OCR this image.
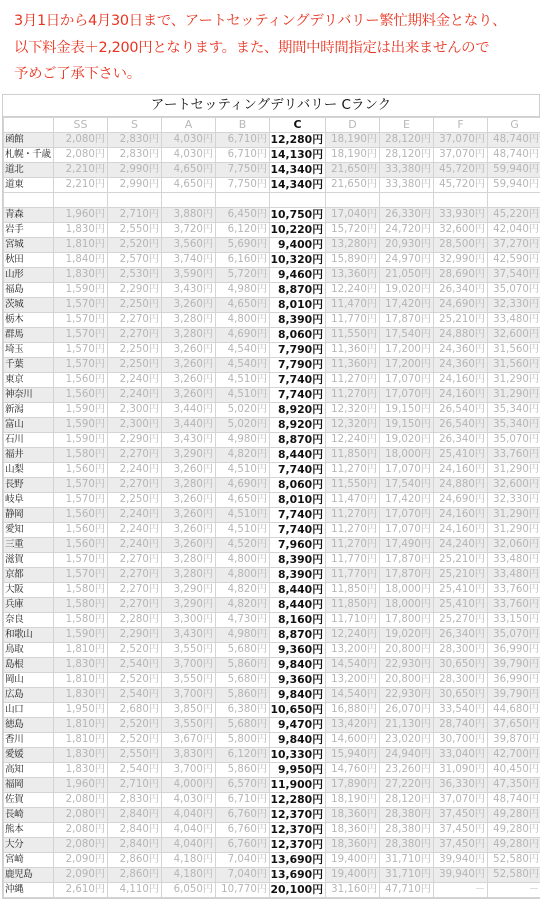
3月1日から4月30日まで、アートセッティングデリバリー繁忙期料金となり、
以下料金表＋2,200円となります。また、期間中時間指定は出来ませんので
予めご了承下さい。
アートセッティングデリバリー Cランク
	SS	S	A	B	C	D	E	F	G
函館	2,080円	2,830円	4,030円	6,710円	12,280円	18,190円	28,120円	37,070円	48,740円
札幌・千歳	2,080円	2,830円	4,030円	6,710円	14,130円	18,190円	28,120円	37,070円	48,740円
道北	2,210円	2,990円	4,650円	7,750円	14,340円	21,650円	33,380円	45,720円	59,940円
道東	2,210円	2,990円	4,650円	7,750円	14,340円	21,650円	33,380円	45,720円	59,940円

青森	1,960円	2,710円	3,880円	6,450円	10,750円	17,040円	26,330円	33,930円	45,220円
岩手	1,830円	2,550円	3,720円	6,120円	10,220円	15,720円	24,720円	32,600円	42,040円
宮城	1,810円	2,520円	3,560円	5,690円	9,400円	13,280円	20,930円	28,500円	37,270円
秋田	1,840円	2,570円	3,740円	6,160円	10,320円	15,890円	24,970円	32,990円	42,590円
山形	1,830円	2,530円	3,590円	5,720円	9,460円	13,360円	21,050円	28,690円	37,540円
福島	1,590円	2,290円	3,430円	4,980円	8,870円	12,240円	19,020円	26,340円	35,070円
茨城	1,570円	2,250円	3,260円	4,650円	8,010円	11,470円	17,420円	24,690円	32,330円
栃木	1,570円	2,270円	3,280円	4,800円	8,390円	11,770円	17,870円	25,210円	33,480円
群馬	1,570円	2,270円	3,280円	4,690円	8,060円	11,550円	17,540円	24,880円	32,600円
埼玉	1,570円	2,250円	3,260円	4,540円	7,790円	11,360円	17,200円	24,360円	31,560円
千葉	1,570円	2,250円	3,260円	4,540円	7,790円	11,360円	17,200円	24,360円	31,560円
東京	1,560円	2,240円	3,260円	4,510円	7,740円	11,270円	17,070円	24,160円	31,290円
神奈川	1,560円	2,240円	3,260円	4,510円	7,740円	11,270円	17,070円	24,160円	31,290円
新潟	1,590円	2,300円	3,440円	5,020円	8,920円	12,320円	19,150円	26,540円	35,340円
富山	1,590円	2,300円	3,440円	5,020円	8,920円	12,320円	19,150円	26,540円	35,340円
石川	1,590円	2,290円	3,430円	4,980円	8,870円	12,240円	19,020円	26,340円	35,070円
福井	1,580円	2,270円	3,290円	4,820円	8,440円	11,850円	18,000円	25,410円	33,760円
山梨	1,560円	2,240円	3,260円	4,510円	7,740円	11,270円	17,070円	24,160円	31,290円
長野	1,570円	2,270円	3,280円	4,690円	8,060円	11,550円	17,540円	24,880円	32,600円
岐阜	1,570円	2,250円	3,260円	4,650円	8,010円	11,470円	17,420円	24,690円	32,330円
静岡	1,560円	2,240円	3,260円	4,510円	7,740円	11,270円	17,070円	24,160円	31,290円
愛知	1,560円	2,240円	3,260円	4,510円	7,740円	11,270円	17,070円	24,160円	31,290円
三重	1,560円	2,240円	3,260円	4,520円	7,960円	11,270円	17,490円	24,240円	32,060円
滋賀	1,570円	2,270円	3,280円	4,800円	8,390円	11,770円	17,870円	25,210円	33,480円
京都	1,570円	2,270円	3,280円	4,800円	8,390円	11,770円	17,870円	25,210円	33,480円
大阪	1,580円	2,270円	3,290円	4,820円	8,440円	11,850円	18,000円	25,410円	33,760円
兵庫	1,580円	2,270円	3,290円	4,820円	8,440円	11,850円	18,000円	25,410円	33,760円
奈良	1,580円	2,280円	3,300円	4,730円	8,160円	11,710円	17,800円	25,270円	33,150円
和歌山	1,590円	2,290円	3,430円	4,980円	8,870円	12,240円	19,020円	26,340円	35,070円
鳥取	1,810円	2,520円	3,550円	5,680円	9,360円	13,200円	20,800円	28,300円	36,990円
島根	1,830円	2,540円	3,700円	5,860円	9,840円	14,540円	22,930円	30,650円	39,790円
岡山	1,810円	2,520円	3,550円	5,680円	9,360円	13,200円	20,800円	28,300円	36,990円
広島	1,830円	2,540円	3,700円	5,860円	9,840円	14,540円	22,930円	30,650円	39,790円
山口	1,950円	2,680円	3,850円	6,380円	10,650円	16,880円	26,070円	33,540円	44,680円
徳島	1,810円	2,520円	3,550円	5,680円	9,470円	13,420円	21,130円	28,740円	37,650円
香川	1,810円	2,520円	3,670円	5,800円	9,840円	14,600円	23,020円	30,700円	39,870円
愛媛	1,830円	2,550円	3,830円	6,120円	10,330円	15,940円	24,940円	33,040円	42,700円
高知	1,830円	2,540円	3,700円	5,860円	9,950円	14,760円	23,260円	31,090円	40,450円
福岡	1,960円	2,710円	4,000円	6,570円	11,900円	17,890円	27,220円	36,330円	47,350円
佐賀	2,080円	2,830円	4,030円	6,710円	12,280円	18,190円	28,120円	37,070円	48,740円
長崎	2,080円	2,840円	4,040円	6,760円	12,370円	18,360円	28,380円	37,450円	49,280円
熊本	2,080円	2,840円	4,040円	6,760円	12,370円	18,360円	28,380円	37,450円	49,280円
大分	2,080円	2,840円	4,040円	6,760円	12,370円	18,360円	28,380円	37,450円	49,280円
宮崎	2,090円	2,860円	4,180円	7,040円	13,690円	19,400円	31,710円	39,940円	52,580円
鹿児島	2,090円	2,860円	4,180円	7,040円	13,690円	19,400円	31,710円	39,940円	52,580円
沖縄	2,610円	4,110円	6,050円	10,770円	20,100円	31,160円	47,710円	－	－
